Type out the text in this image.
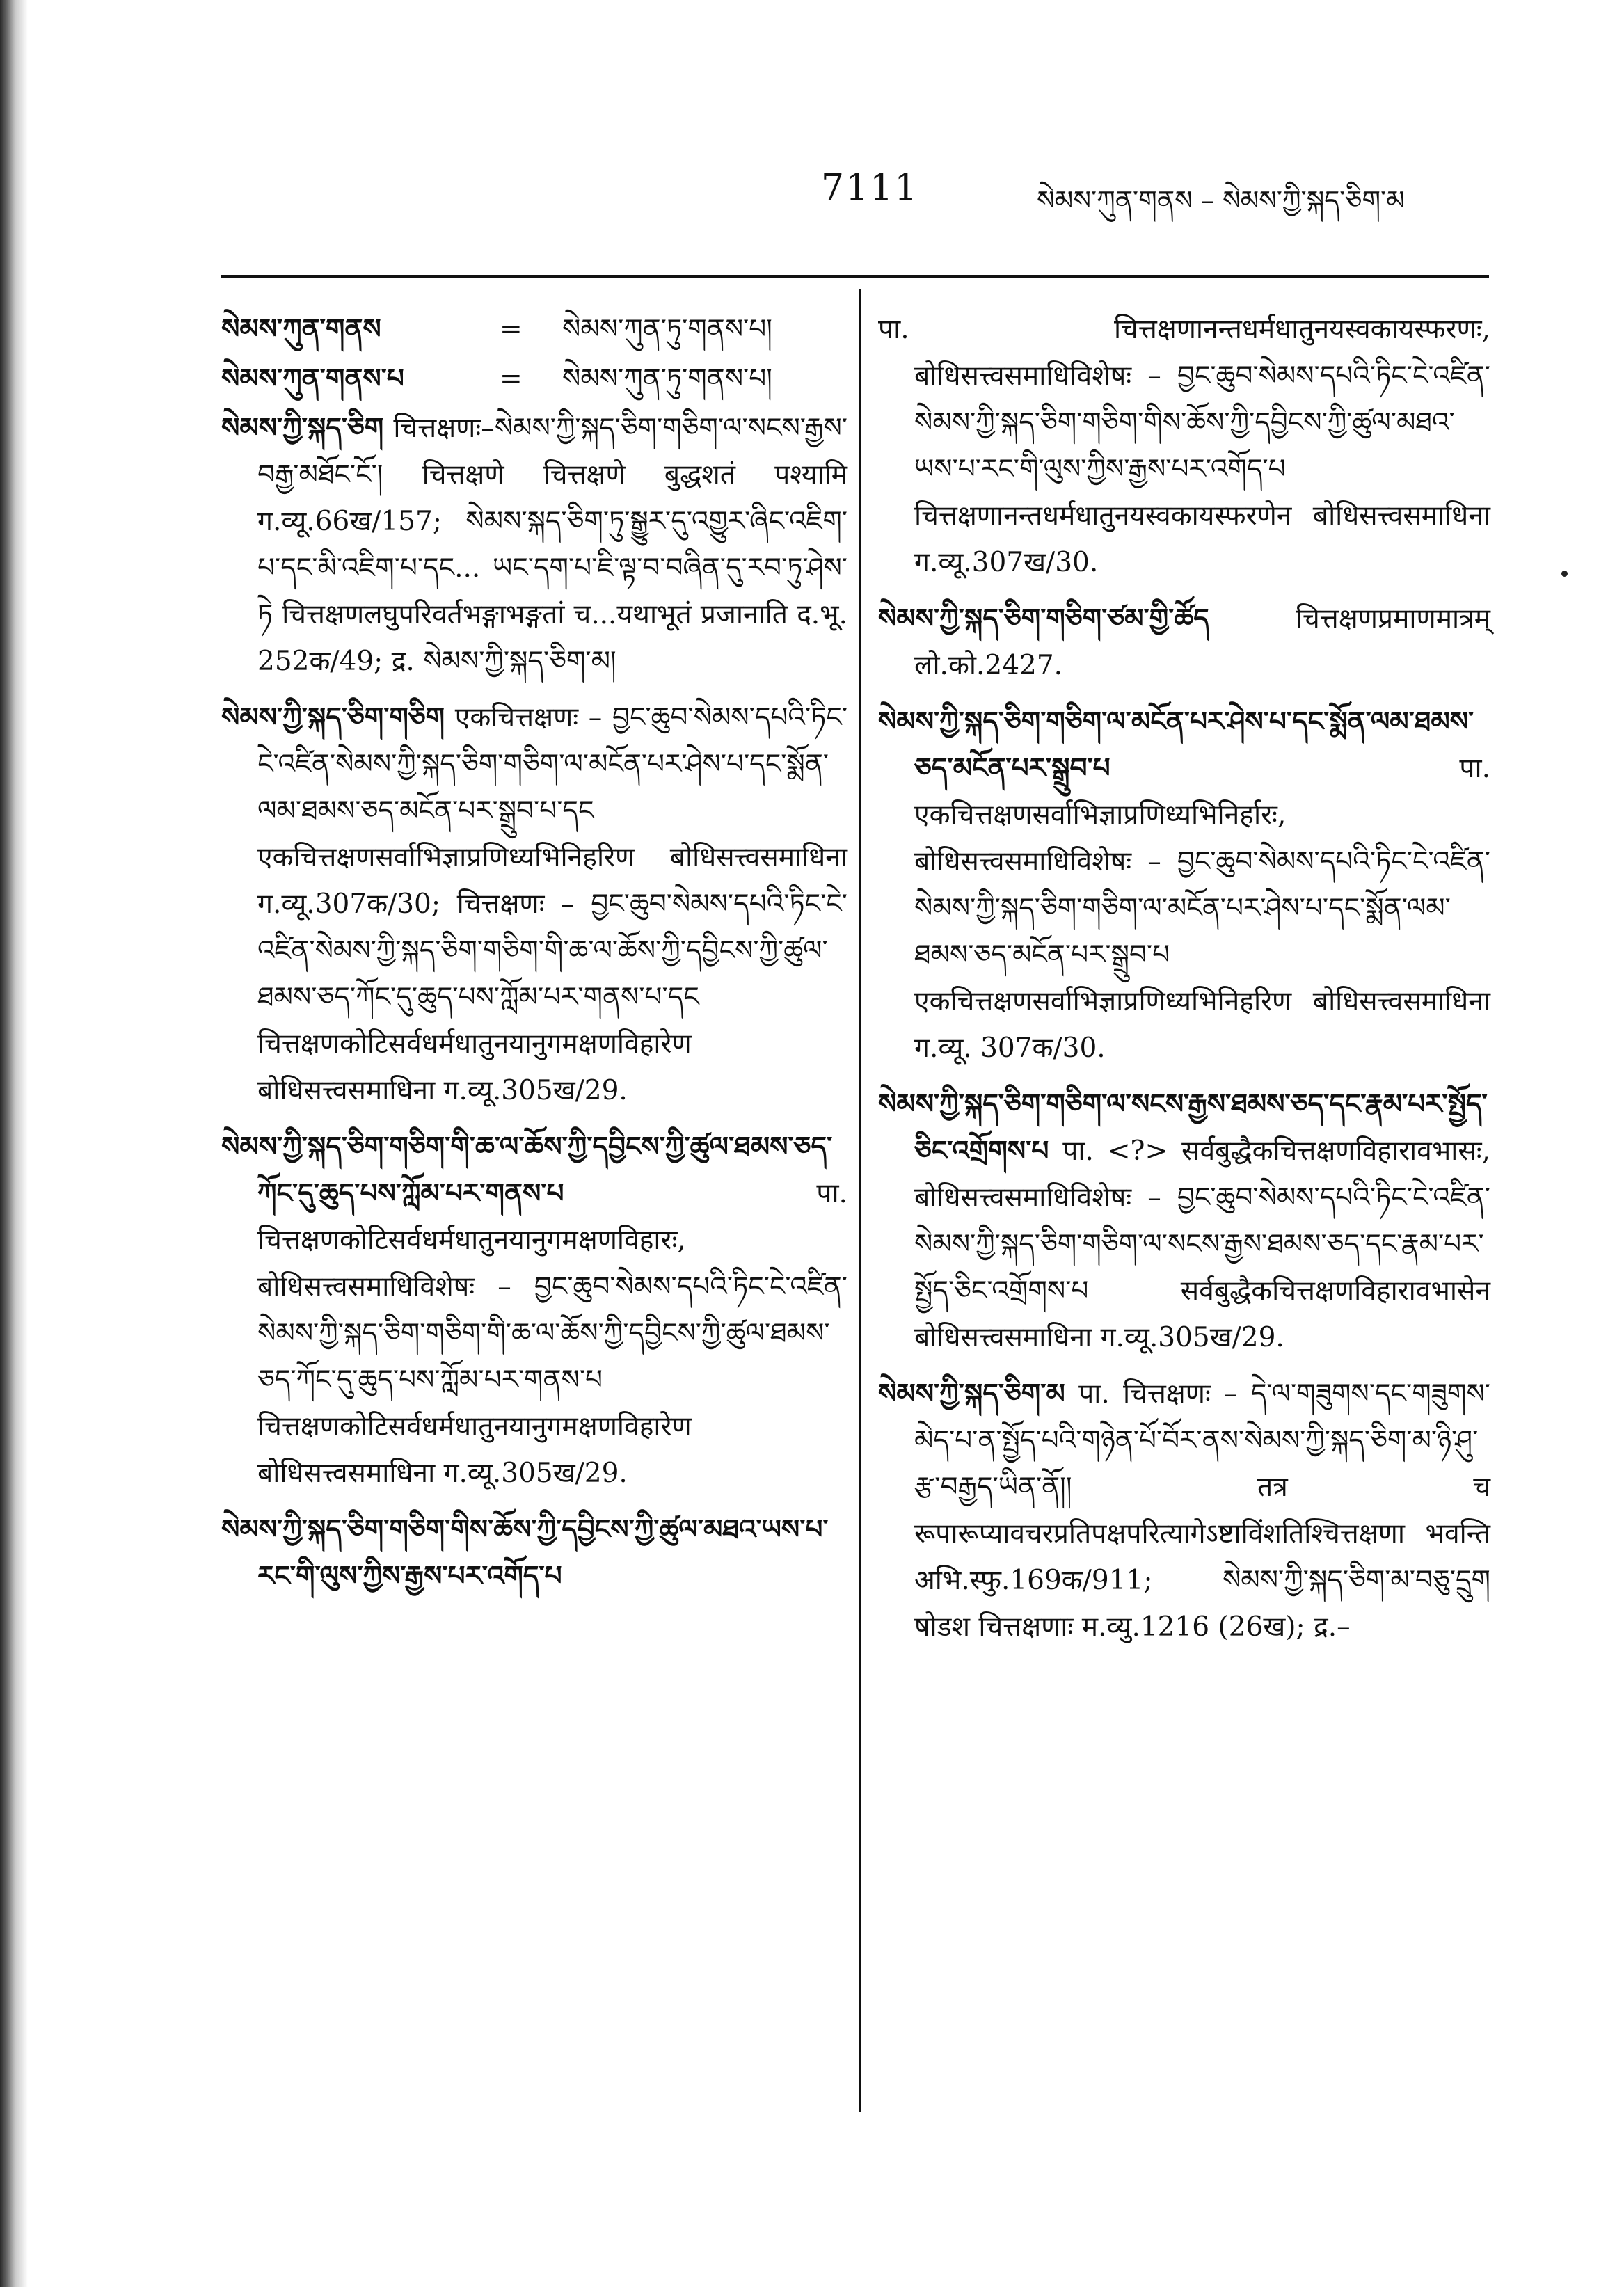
7111	སེམས་ཀུན་གནས – སེམས་ཀྱི་སྐད་ཅིག་མ
སེམས་ཀུན་གནས	=	སེམས་ཀུན་ཏུ་གནས་པ།
སེམས་ཀུན་གནས་པ	=	སེམས་ཀུན་ཏུ་གནས་པ།
སེམས་ཀྱི་སྐད་ཅིག चित्तक्षणः–སེམས་ཀྱི་སྐད་ཅིག་གཅིག་ལ་སངས་རྒྱས་བརྒྱ་མཐོང་ངོ་། चित्तक्षणे चित्तक्षणे बुद्धशतं पश्यामि ग.व्यू.66ख/157; སེམས་སྐད་ཅིག་ཏུ་སྒྱུར་དུ་འགྱུར་ཞིང་འཇིག་པ་དང་མི་འཇིག་པ་དང... ཡང་དག་པ་ཇི་ལྟ་བ་བཞིན་དུ་རབ་ཏུ་ཤེས་ཏེ चित्तक्षणलघुपरिवर्तभङ्गाभङ्गतां च...यथाभूतं प्रजानाति द.भू. 252क/49; द्र. སེམས་ཀྱི་སྐད་ཅིག་མ།
སེམས་ཀྱི་སྐད་ཅིག་གཅིག एकचित्तक्षणः – བྱང་ཆུབ་སེམས་དཔའི་ཏིང་ངེ་འཛིན་སེམས་ཀྱི་སྐད་ཅིག་གཅིག་ལ་མངོན་པར་ཤེས་པ་དང་སྨོན་ལམ་ཐམས་ཅད་མངོན་པར་སྒྲུབ་པ་དང एकचित्तक्षणसर्वाभिज्ञाप्रणिध्यभिनिहरिण बोधिसत्त्वसमाधिना ग.व्यू.307क/30; चित्तक्षणः – བྱང་ཆུབ་སེམས་དཔའི་ཏིང་ངེ་འཛིན་སེམས་ཀྱི་སྐད་ཅིག་གཅིག་གི་ཆ་ལ་ཆོས་ཀྱི་དབྱིངས་ཀྱི་ཚུལ་ཐམས་ཅད་ཀོང་དུ་ཆུད་པས་ཀློམ་པར་གནས་པ་དང चित्तक्षणकोटिसर्वधर्मधातुनयानुगमक्षणविहारेण बोधिसत्त्वसमाधिना ग.व्यू.305ख/29.
སེམས་ཀྱི་སྐད་ཅིག་གཅིག་གི་ཆ་ལ་ཆོས་ཀྱི་དབྱིངས་ཀྱི་ཚུལ་ཐམས་ཅད་ཀོང་དུ་ཆུད་པས་ཀློམ་པར་གནས་པ	पा. चित्तक्षणकोटिसर्वधर्मधातुनयानुगमक्षणविहारः, बोधिसत्त्वसमाधिविशेषः – བྱང་ཆུབ་སེམས་དཔའི་ཏིང་ངེ་འཛིན་སེམས་ཀྱི་སྐད་ཅིག་གཅིག་གི་ཆ་ལ་ཆོས་ཀྱི་དབྱིངས་ཀྱི་ཚུལ་ཐམས་ཅད་ཀོང་དུ་ཆུད་པས་ཀློམ་པར་གནས་པ चित्तक्षणकोटिसर्वधर्मधातुनयानुगमक्षणविहारेण बोधिसत्त्वसमाधिना ग.व्यू.305ख/29.
སེམས་ཀྱི་སྐད་ཅིག་གཅིག་གིས་ཆོས་ཀྱི་དབྱིངས་ཀྱི་ཚུལ་མཐའ་ཡས་པ་རང་གི་ལུས་ཀྱིས་རྒྱས་པར་འགོད་པ
पा. चित्तक्षणानन्तधर्मधातुनयस्वकायस्फरणः, बोधिसत्त्वसमाधिविशेषः – བྱང་ཆུབ་སེམས་དཔའི་ཏིང་ངེ་འཛིན་སེམས་ཀྱི་སྐད་ཅིག་གཅིག་གིས་ཆོས་ཀྱི་དབྱིངས་ཀྱི་ཚུལ་མཐའ་ཡས་པ་རང་གི་ལུས་ཀྱིས་རྒྱས་པར་འགོད་པ चित्तक्षणानन्तधर्मधातुनयस्वकायस्फरणेन बोधिसत्त्वसमाधिना ग.व्यू.307ख/30.
སེམས་ཀྱི་སྐད་ཅིག་གཅིག་ཙམ་གྱི་ཚོད	चित्तक्षणप्रमाणमात्रम् लो.को.2427.
སེམས་ཀྱི་སྐད་ཅིག་གཅིག་ལ་མངོན་པར་ཤེས་པ་དང་སྨོན་ལམ་ཐམས་ཅད་མངོན་པར་སྒྲུབ་པ	पा. एकचित्तक्षणसर्वाभिज्ञाप्रणिध्यभिनिर्हारः, बोधिसत्त्वसमाधिविशेषः – བྱང་ཆུབ་སེམས་དཔའི་ཏིང་ངེ་འཛིན་སེམས་ཀྱི་སྐད་ཅིག་གཅིག་ལ་མངོན་པར་ཤེས་པ་དང་སྨོན་ལམ་ཐམས་ཅད་མངོན་པར་སྒྲུབ་པ एकचित्तक्षणसर्वाभिज्ञाप्रणिध्यभिनिहरिण बोधिसत्त्वसमाधिना ग.व्यू. 307क/30.
སེམས་ཀྱི་སྐད་ཅིག་གཅིག་ལ་སངས་རྒྱས་ཐམས་ཅད་དང་རྣམ་པར་སྤྱོད་ཅིང་འགྲོགས་པ पा. <?> सर्वबुद्धैकचित्तक्षणविहारावभासः, बोधिसत्त्वसमाधिविशेषः – བྱང་ཆུབ་སེམས་དཔའི་ཏིང་ངེ་འཛིན་སེམས་ཀྱི་སྐད་ཅིག་གཅིག་ལ་སངས་རྒྱས་ཐམས་ཅད་དང་རྣམ་པར་སྤྱོད་ཅིང་འགྲོགས་པ सर्वबुद्धैकचित्तक्षणविहारावभासेन बोधिसत्त्वसमाधिना ग.व्यू.305ख/29.
སེམས་ཀྱི་སྐད་ཅིག་མ पा. चित्तक्षणः – དེ་ལ་གཟུགས་དང་གཟུགས་མེད་པ་ན་སྤྱོད་པའི་གཉེན་པོ་བོར་ནས་སེམས་ཀྱི་སྐད་ཅིག་མ་ཉི་ཤུ་རྩ་བརྒྱད་ཡིན་ནོ།། तत्र च रूपारूप्यावचरप्रतिपक्षपरित्यागेऽष्टाविंशतिश्चित्तक्षणा भवन्ति अभि.स्फु.169क/911; སེམས་ཀྱི་སྐད་ཅིག་མ་བཅུ་དྲུག षोडश चित्तक्षणाः म.व्यु.1216 (26ख); द्र.–
